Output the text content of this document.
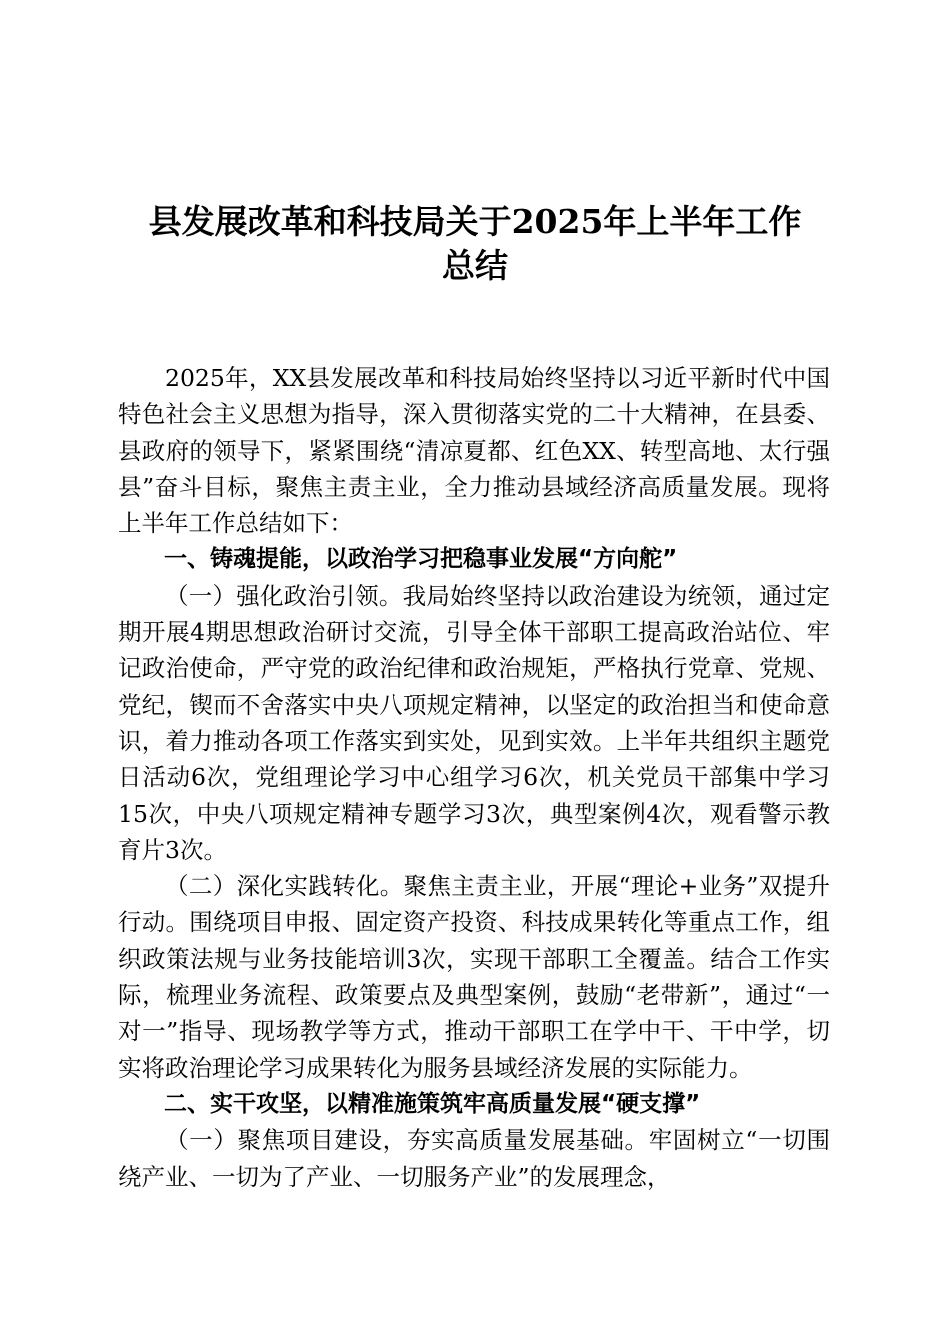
县发展改革和科技局关于2025年上半年工作
总结

2025年，XX县发展改革和科技局始终坚持以习近平新时代中国特色社会主义思想为指导，深入贯彻落实党的二十大精神，在县委、县政府的领导下，紧紧围绕“清凉夏都、红色XX、转型高地、太行强县”奋斗目标，聚焦主责主业，全力推动县域经济高质量发展。现将上半年工作总结如下：

一、铸魂提能，以政治学习把稳事业发展“方向舵”

（一）强化政治引领。我局始终坚持以政治建设为统领，通过定期开展4期思想政治研讨交流，引导全体干部职工提高政治站位、牢记政治使命，严守党的政治纪律和政治规矩，严格执行党章、党规、党纪，锲而不舍落实中央八项规定精神，以坚定的政治担当和使命意识，着力推动各项工作落实到实处，见到实效。上半年共组织主题党日活动6次，党组理论学习中心组学习6次，机关党员干部集中学习15次，中央八项规定精神专题学习3次，典型案例4次，观看警示教育片3次。

（二）深化实践转化。聚焦主责主业，开展“理论+业务”双提升行动。围绕项目申报、固定资产投资、科技成果转化等重点工作，组织政策法规与业务技能培训3次，实现干部职工全覆盖。结合工作实际，梳理业务流程、政策要点及典型案例，鼓励“老带新”，通过“一对一”指导、现场教学等方式，推动干部职工在学中干、干中学，切实将政治理论学习成果转化为服务县域经济发展的实际能力。

二、实干攻坚，以精准施策筑牢高质量发展“硬支撑”

（一）聚焦项目建设，夯实高质量发展基础。牢固树立“一切围绕产业、一切为了产业、一切服务产业”的发展理念，
